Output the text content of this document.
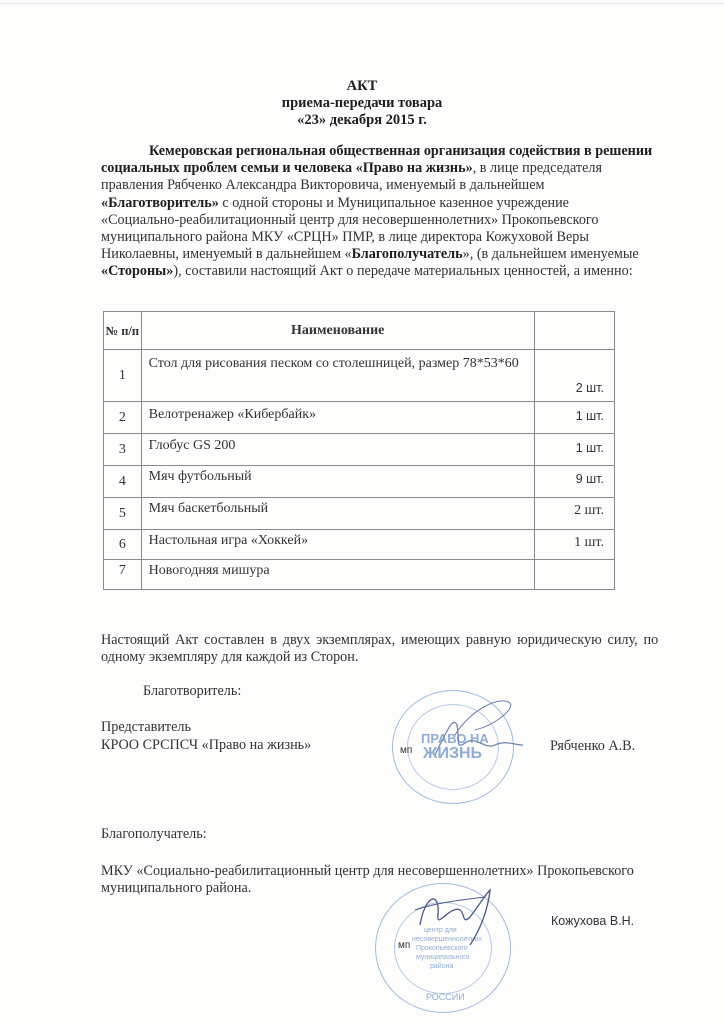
АКТ
приема-передачи товара
«23» декабря 2015 г.
Кемеровская региональная общественная организация содействия в решении
социальных проблем семьи и человека «Право на жизнь», в лице председателя
правления Рябченко Александра Викторовича, именуемый в дальнейшем
«Благотворитель» с одной стороны и Муниципальное казенное учреждение
«Социально-реабилитационный центр для несовершеннолетних» Прокопьевского
муниципального района МКУ «СРЦН» ПМР, в лице директора Кожуховой Веры
Николаевны, именуемый в дальнейшем «Благополучатель», (в дальнейшем именуемые
«Стороны»), составили настоящий Акт о передаче материальных ценностей, а именно:
№ п/п	Наименование	
1	Стол для рисования песком со столешницей, размер 78*53*60	2 шт.
2	Велотренажер «Кибербайк»	1 шт.
3	Глобус GS 200	1 шт.
4	Мяч футбольный	9 шт.
5	Мяч баскетбольный	2 шт.
6	Настольная игра «Хоккей»	1 шт.
7	Новогодняя мишура	
Настоящий Акт составлен в двух экземплярах, имеющих равную юридическую силу, по
одному экземпляру для каждой из Сторон.
Благотворитель:
Представитель
КРОО СРСПСЧ «Право на жизнь»	Рябченко А.В.
ПРАВО НА
ЖИЗНЬ
мп
Благополучатель:
МКУ «Социально-реабилитационный центр для несовершеннолетних» Прокопьевского
муниципального района.
Кожухова В.Н.
центр для
несовершеннолетних
Прокопьевского
муниципального
района
РОССИИ
мп
